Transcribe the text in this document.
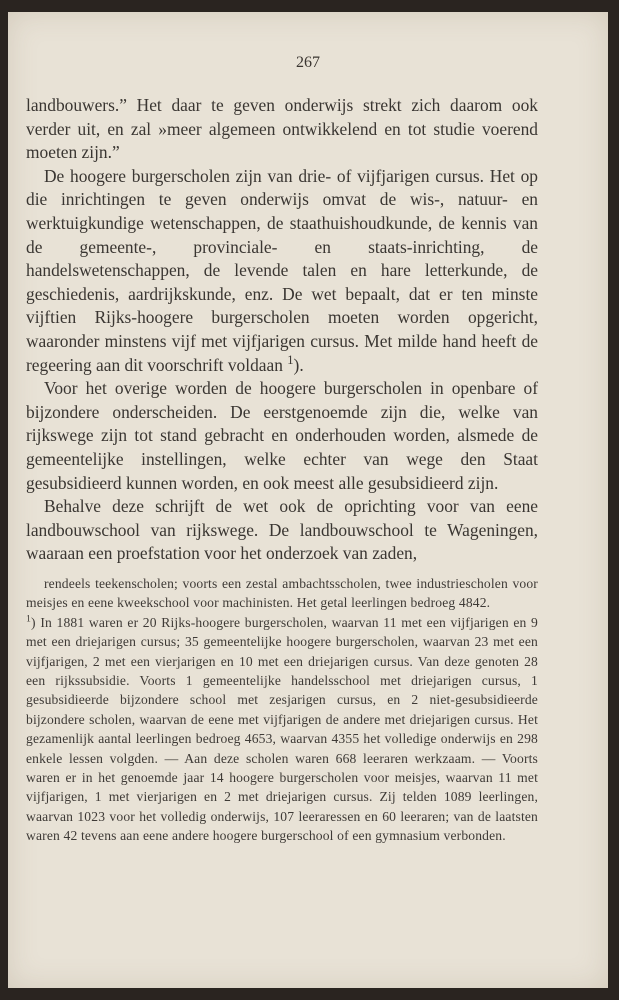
267

landbouwers.” Het daar te geven onderwijs strekt zich daarom ook verder uit, en zal »meer algemeen ontwikkelend en tot studie voerend moeten zijn.”

De hoogere burgerscholen zijn van drie- of vijfjarigen cursus. Het op die inrichtingen te geven onderwijs omvat de wis-, natuur- en werktuigkundige wetenschappen, de staathuishoudkunde, de kennis van de gemeente-, provinciale- en staats-inrichting, de handelswetenschappen, de levende talen en hare letterkunde, de geschiedenis, aardrijkskunde, enz. De wet bepaalt, dat er ten minste vijftien Rijks-hoogere burgerscholen moeten worden opgericht, waaronder minstens vijf met vijfjarigen cursus. Met milde hand heeft de regeering aan dit voorschrift voldaan $^1$).

Voor het overige worden de hoogere burgerscholen in openbare of bijzondere onderscheiden. De eerstgenoemde zijn die, welke van rijkswege zijn tot stand gebracht en onderhouden worden, alsmede de gemeentelijke instellingen, welke echter van wege den Staat gesubsidieerd kunnen worden, en ook meest alle gesubsidieerd zijn.

Behalve deze schrijft de wet ook de oprichting voor van eene landbouwschool van rijkswege. De landbouwschool te Wageningen, waaraan een proefstation voor het onderzoek van zaden,

rendeels teekenscholen; voorts een zestal ambachtsscholen, twee industriescholen voor meisjes en eene kweekschool voor machinisten. Het getal leerlingen bedroeg 4842.

$^1$) In 1881 waren er 20 Rijks-hoogere burgerscholen, waarvan 11 met een vijfjarigen en 9 met een driejarigen cursus; 35 gemeentelijke hoogere burgerscholen, waarvan 23 met een vijfjarigen, 2 met een vierjarigen en 10 met een driejarigen cursus. Van deze genoten 28 een rijkssubsidie. Voorts 1 gemeentelijke handelsschool met driejarigen cursus, 1 gesubsidieerde bijzondere school met zesjarigen cursus, en 2 niet-gesubsidieerde bijzondere scholen, waarvan de eene met vijfjarigen de andere met driejarigen cursus. Het gezamenlijk aantal leerlingen bedroeg 4653, waarvan 4355 het volledige onderwijs en 298 enkele lessen volgden. — Aan deze scholen waren 668 leeraren werkzaam. — Voorts waren er in het genoemde jaar 14 hoogere burgerscholen voor meisjes, waarvan 11 met vijfjarigen, 1 met vierjarigen en 2 met driejarigen cursus. Zij telden 1089 leerlingen, waarvan 1023 voor het volledig onderwijs, 107 leeraressen en 60 leeraren; van de laatsten waren 42 tevens aan eene andere hoogere burgerschool of een gymnasium verbonden.
